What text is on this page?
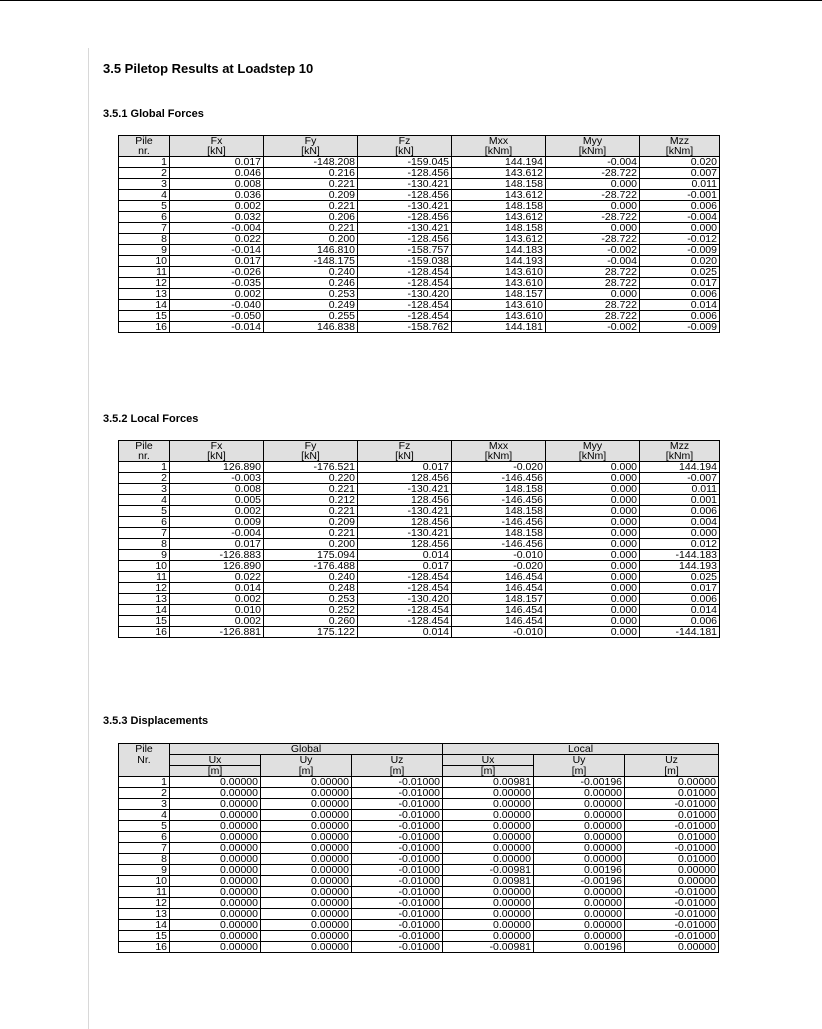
3.5 Piletop Results at Loadstep 10
3.5.1 Global Forces
Pile	Fx	Fy	Fz	Mxx	Myy	Mzz
nr.	[kN]	[kN]	[kN]	[kNm]	[kNm]	[kNm]
1	0.017	-148.208	-159.045	144.194	-0.004	0.020
2	0.046	0.216	-128.456	143.612	-28.722	0.007
3	0.008	0.221	-130.421	148.158	0.000	0.011
4	0.036	0.209	-128.456	143.612	-28.722	-0.001
5	0.002	0.221	-130.421	148.158	0.000	0.006
6	0.032	0.206	-128.456	143.612	-28.722	-0.004
7	-0.004	0.221	-130.421	148.158	0.000	0.000
8	0.022	0.200	-128.456	143.612	-28.722	-0.012
9	-0.014	146.810	-158.757	144.183	-0.002	-0.009
10	0.017	-148.175	-159.038	144.193	-0.004	0.020
11	-0.026	0.240	-128.454	143.610	28.722	0.025
12	-0.035	0.246	-128.454	143.610	28.722	0.017
13	0.002	0.253	-130.420	148.157	0.000	0.006
14	-0.040	0.249	-128.454	143.610	28.722	0.014
15	-0.050	0.255	-128.454	143.610	28.722	0.006
16	-0.014	146.838	-158.762	144.181	-0.002	-0.009
3.5.2 Local Forces
Pile	Fx	Fy	Fz	Mxx	Myy	Mzz
nr.	[kN]	[kN]	[kN]	[kNm]	[kNm]	[kNm]
1	126.890	-176.521	0.017	-0.020	0.000	144.194
2	-0.003	0.220	128.456	-146.456	0.000	-0.007
3	0.008	0.221	-130.421	148.158	0.000	0.011
4	0.005	0.212	128.456	-146.456	0.000	0.001
5	0.002	0.221	-130.421	148.158	0.000	0.006
6	0.009	0.209	128.456	-146.456	0.000	0.004
7	-0.004	0.221	-130.421	148.158	0.000	0.000
8	0.017	0.200	128.456	-146.456	0.000	0.012
9	-126.883	175.094	0.014	-0.010	0.000	-144.183
10	126.890	-176.488	0.017	-0.020	0.000	144.193
11	0.022	0.240	-128.454	146.454	0.000	0.025
12	0.014	0.248	-128.454	146.454	0.000	0.017
13	0.002	0.253	-130.420	148.157	0.000	0.006
14	0.010	0.252	-128.454	146.454	0.000	0.014
15	0.002	0.260	-128.454	146.454	0.000	0.006
16	-126.881	175.122	0.014	-0.010	0.000	-144.181
3.5.3 Displacements
Pile	Global			Local		
Nr.	Ux	Uy	Uz	Ux	Uy	Uz
	[m]	[m]	[m]	[m]	[m]	[m]
1	0.00000	0.00000	-0.01000	0.00981	-0.00196	0.00000
2	0.00000	0.00000	-0.01000	0.00000	0.00000	0.01000
3	0.00000	0.00000	-0.01000	0.00000	0.00000	-0.01000
4	0.00000	0.00000	-0.01000	0.00000	0.00000	0.01000
5	0.00000	0.00000	-0.01000	0.00000	0.00000	-0.01000
6	0.00000	0.00000	-0.01000	0.00000	0.00000	0.01000
7	0.00000	0.00000	-0.01000	0.00000	0.00000	-0.01000
8	0.00000	0.00000	-0.01000	0.00000	0.00000	0.01000
9	0.00000	0.00000	-0.01000	-0.00981	0.00196	0.00000
10	0.00000	0.00000	-0.01000	0.00981	-0.00196	0.00000
11	0.00000	0.00000	-0.01000	0.00000	0.00000	-0.01000
12	0.00000	0.00000	-0.01000	0.00000	0.00000	-0.01000
13	0.00000	0.00000	-0.01000	0.00000	0.00000	-0.01000
14	0.00000	0.00000	-0.01000	0.00000	0.00000	-0.01000
15	0.00000	0.00000	-0.01000	0.00000	0.00000	-0.01000
16	0.00000	0.00000	-0.01000	-0.00981	0.00196	0.00000
